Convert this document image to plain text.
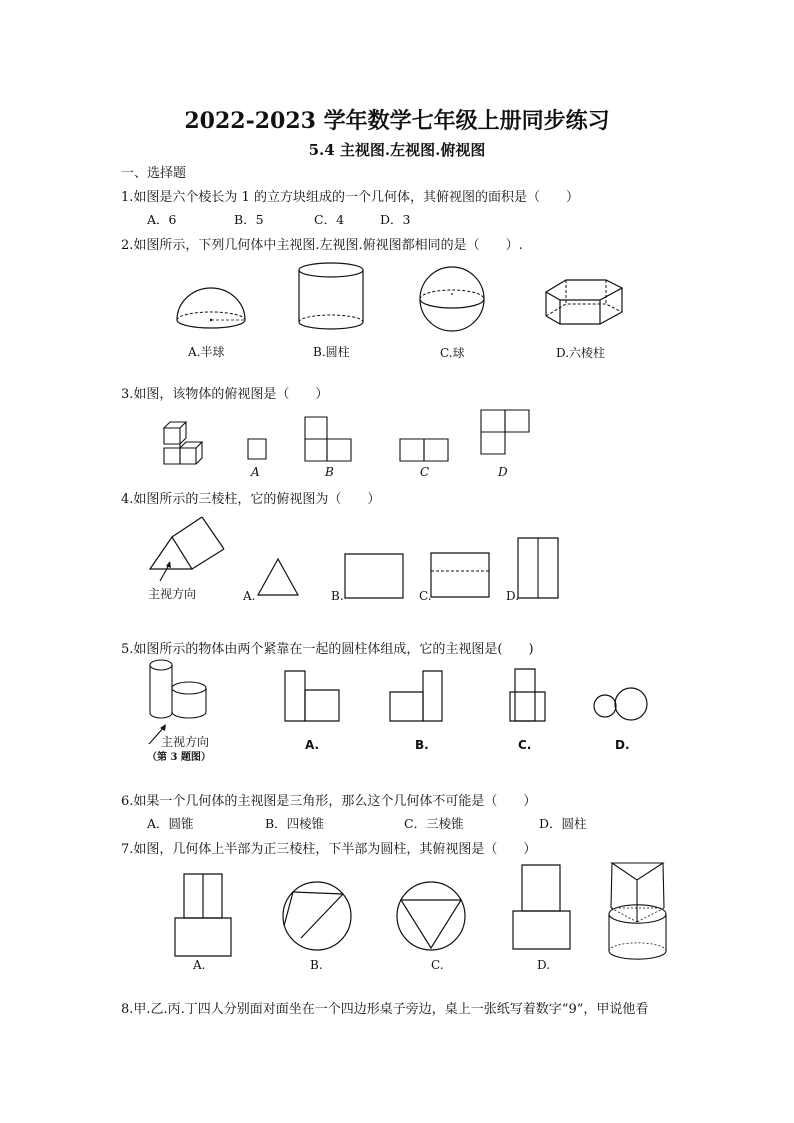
2022-2023 学年数学七年级上册同步练习
5.4 主视图.左视图.俯视图
一、选择题
1.如图是六个棱长为 1 的立方块组成的一个几何体，其俯视图的面积是（　　）
A．6	B．5	C．4	D．3
2.如图所示，下列几何体中主视图.左视图.俯视图都相同的是（　　）.
A.半球	B.圆柱	C.球	D.六棱柱
3.如图，该物体的俯视图是（　　）
A	B	C	D
4.如图所示的三棱柱，它的俯视图为（　　）
主视方向	A.	B.	C.	D.
5.如图所示的物体由两个紧靠在一起的圆柱体组成，它的主视图是(　　)
主视方向
（第 3 题图）
A.	B.	C.	D.
6.如果一个几何体的主视图是三角形，那么这个几何体不可能是（　　）
A．圆锥	B．四棱锥	C．三棱锥	D．圆柱
7.如图，几何体上半部为正三棱柱，下半部为圆柱，其俯视图是（　　）
A.	B.	C.	D.
8.甲.乙.丙.丁四人分别面对面坐在一个四边形桌子旁边，桌上一张纸写着数字“9”，甲说他看
